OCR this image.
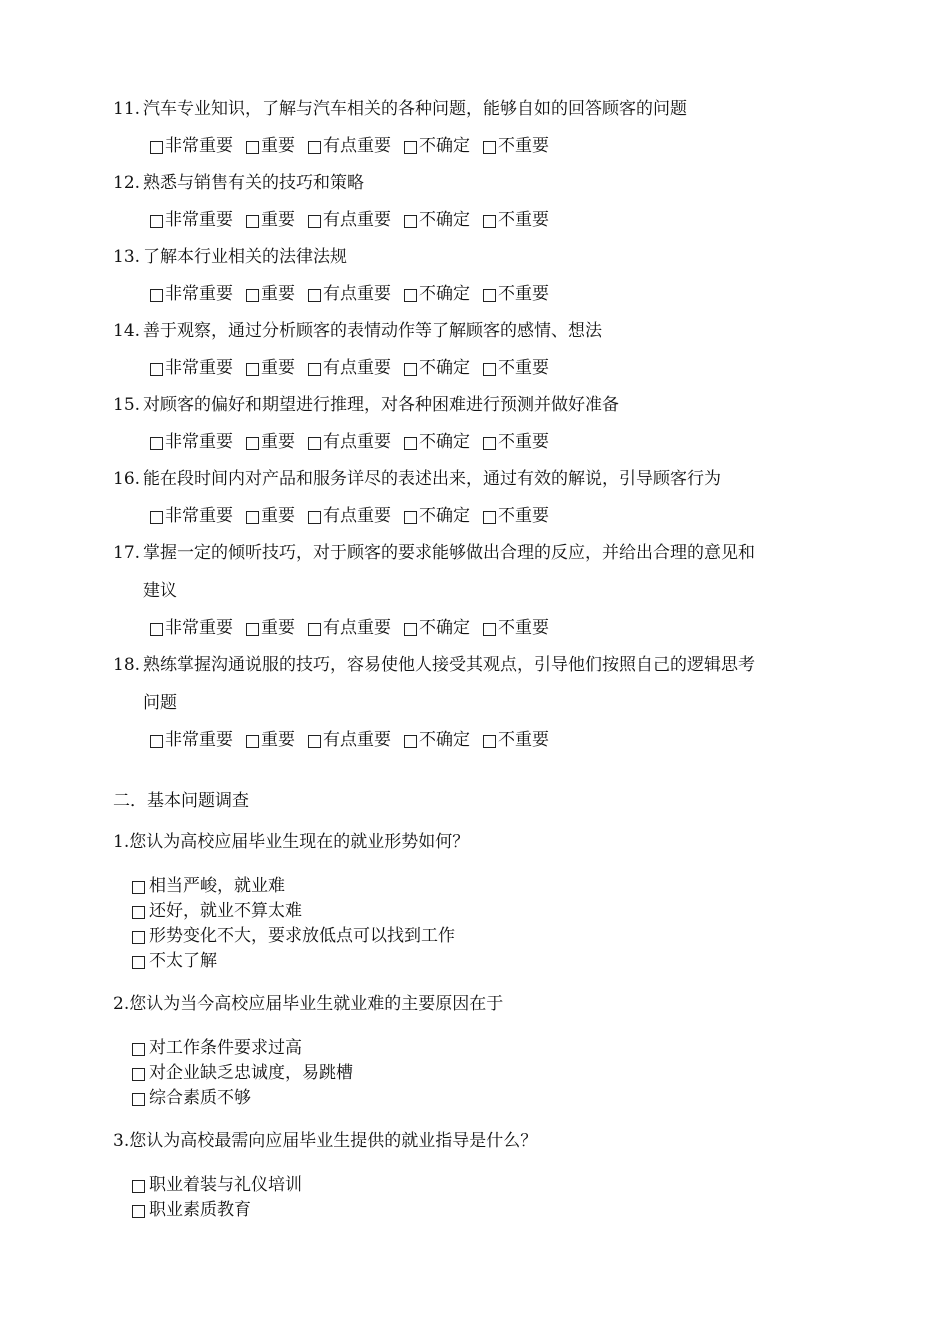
11. 汽车专业知识，了解与汽车相关的各种问题，能够自如的回答顾客的问题
非常重要 重要 有点重要 不确定 不重要
12. 熟悉与销售有关的技巧和策略
非常重要 重要 有点重要 不确定 不重要
13. 了解本行业相关的法律法规
非常重要 重要 有点重要 不确定 不重要
14. 善于观察，通过分析顾客的表情动作等了解顾客的感情、想法
非常重要 重要 有点重要 不确定 不重要
15. 对顾客的偏好和期望进行推理，对各种困难进行预测并做好准备
非常重要 重要 有点重要 不确定 不重要
16. 能在段时间内对产品和服务详尽的表述出来，通过有效的解说，引导顾客行为
非常重要 重要 有点重要 不确定 不重要
17. 掌握一定的倾听技巧，对于顾客的要求能够做出合理的反应，并给出合理的意见和
建议
非常重要 重要 有点重要 不确定 不重要
18. 熟练掌握沟通说服的技巧，容易使他人接受其观点，引导他们按照自己的逻辑思考
问题
非常重要 重要 有点重要 不确定 不重要
二．基本问题调查
1.您认为高校应届毕业生现在的就业形势如何？
相当严峻，就业难
还好，就业不算太难
形势变化不大，要求放低点可以找到工作
不太了解
2.您认为当今高校应届毕业生就业难的主要原因在于
对工作条件要求过高
对企业缺乏忠诚度，易跳槽
综合素质不够
3.您认为高校最需向应届毕业生提供的就业指导是什么？
职业着装与礼仪培训
职业素质教育
